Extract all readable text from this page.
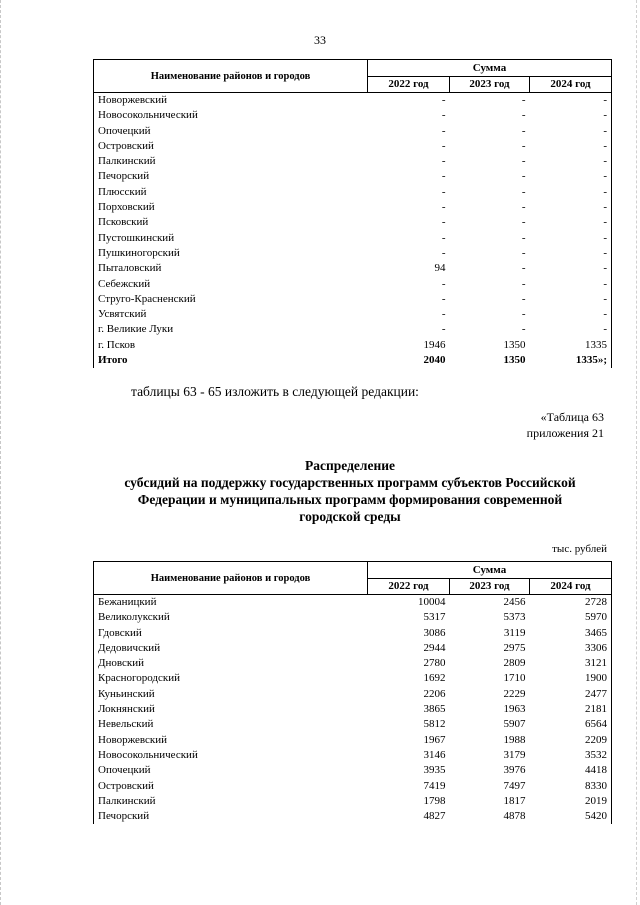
33
Наименование районов и городов	Сумма		
	2022 год	2023 год	2024 год
Новоржевский	-	-	-
Новосокольнический	-	-	-
Опочецкий	-	-	-
Островский	-	-	-
Палкинский	-	-	-
Печорский	-	-	-
Плюсский	-	-	-
Порховский	-	-	-
Псковский	-	-	-
Пустошкинский	-	-	-
Пушкиногорский	-	-	-
Пыталовский	94	-	-
Себежский	-	-	-
Струго-Красненский	-	-	-
Усвятский	-	-	-
г. Великие Луки	-	-	-
г. Псков	1946	1350	1335
Итого	2040	1350	1335»;
таблицы 63 - 65 изложить в следующей редакции:
«Таблица 63
приложения 21
Распределение
субсидий на поддержку государственных программ субъектов Российской
Федерации и муниципальных программ формирования современной
городской среды
тыс. рублей
Наименование районов и городов	Сумма		
	2022 год	2023 год	2024 год
Бежаницкий	10004	2456	2728
Великолукский	5317	5373	5970
Гдовский	3086	3119	3465
Дедовичский	2944	2975	3306
Дновский	2780	2809	3121
Красногородский	1692	1710	1900
Куньинский	2206	2229	2477
Локнянский	3865	1963	2181
Невельский	5812	5907	6564
Новоржевский	1967	1988	2209
Новосокольнический	3146	3179	3532
Опочецкий	3935	3976	4418
Островский	7419	7497	8330
Палкинский	1798	1817	2019
Печорский	4827	4878	5420
